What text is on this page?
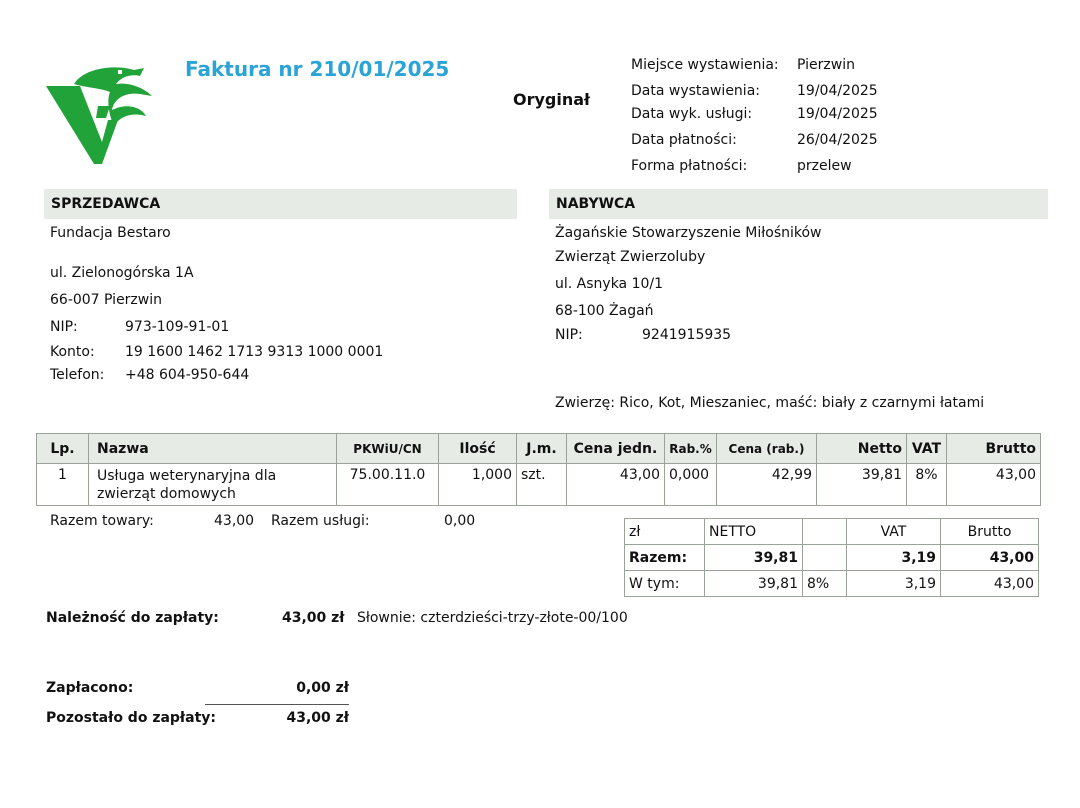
Faktura nr 210/01/2025
Oryginał
Miejsce wystawienia: Pierzwin
Data wystawienia:	19/04/2025
Data wyk. usługi:	19/04/2025
Data płatności:	26/04/2025
Forma płatności:	przelew
SPRZEDAWCA
Fundacja Bestaro
ul. Zielonogórska 1A
66-007 Pierzwin
NIP:	973-109-91-01
Konto: 19 1600 1462 1713 9313 1000 0001
Telefon: +48 604-950-644
NABYWCA
Żagańskie Stowarzyszenie Miłośników
Zwierząt Zwierzoluby
ul. Asnyka 10/1
68-100 Żagań
NIP:	9241915935
Zwierzę: Rico, Kot, Mieszaniec, maść: biały z czarnymi łatami
Lp.	Nazwa	PKWiU/CN	Ilość	J.m.	Cena jedn.	Rab.%	Cena (rab.)	Netto	VAT	Brutto
1	Usługa weterynaryjna dla
zwierząt domowych	75.00.11.0	1,000	szt.	43,00	0,000	42,99	39,81	8%	43,00
Razem towary:	43,00 Razem usługi:	0,00
zł	NETTO		VAT	Brutto
Razem:	39,81		3,19	43,00
W tym:	39,81	8%	3,19	43,00
Należność do zapłaty:	43,00 zł Słownie: czterdzieści-trzy-złote-00/100
Zapłacono:	0,00 zł
Pozostało do zapłaty:	43,00 zł
